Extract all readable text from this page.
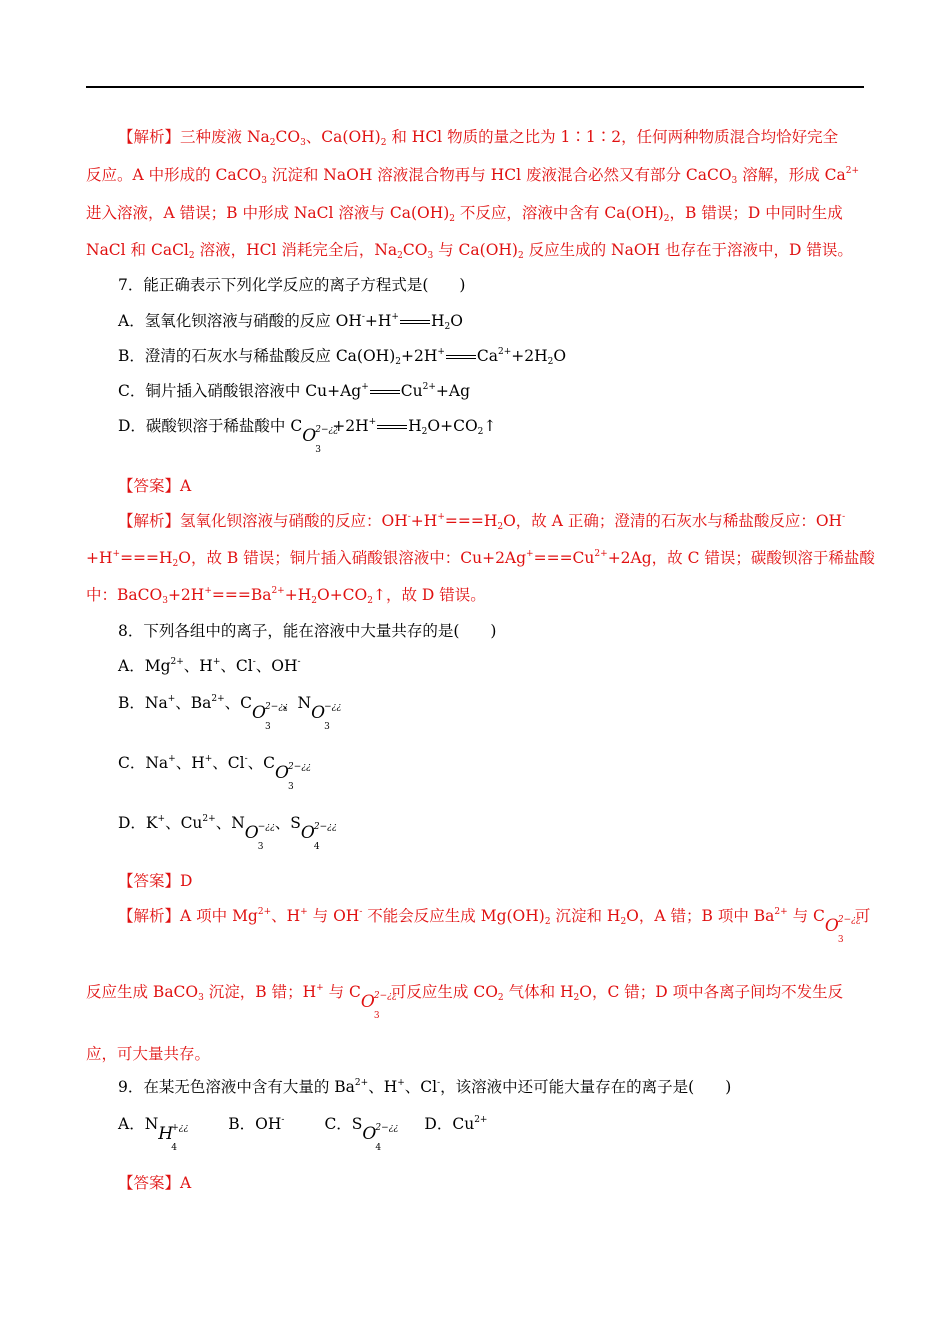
【解析】三种废液 $Na_2CO_3$、$Ca(OH)_2$ 和 HCl 物质的量之比为 1∶1∶2，任何两种物质混合均恰好完全
反应。A 中形成的 CaCO$_3$ 沉淀和 NaOH 溶液混合物再与 HCl 废液混合必然又有部分 CaCO$_3$ 溶解，形成 $Ca^{2+}$
进入溶液，A 错误；B 中形成 NaCl 溶液与 $Ca(OH)_2$ 不反应，溶液中含有 $Ca(OH)_2$，B 错误；D 中同时生成
NaCl 和 CaCl$_2$ 溶液，HCl 消耗完全后，$Na_2CO_3$ 与 $Ca(OH)_2$ 反应生成的 NaOH 也存在于溶液中，D 错误。
7．能正确表示下列化学反应的离子方程式是(　　)
A．氢氧化钡溶液与硝酸的反应 OH-+H+ $H_2O$
B．澄清的石灰水与稀盐酸反应 $Ca(OH)_2+2H^+$ $Ca^{2+}+2H_2O$
C．铜片插入硝酸银溶液中 Cu+Ag+ $Cu^{2+}+Ag$
D．碳酸钡溶于稀盐酸中 C O
3
2−¿¿
+2H+ $H_2O+CO_2↑$
【答案】A
【解析】氢氧化钡溶液与硝酸的反应：$OH^-+H^+===H_2O$，故 A 正确；澄清的石灰水与稀盐酸反应：OH-
$+H^+===H_2O$，故 B 错误；铜片插入硝酸银溶液中：$Cu+2Ag^+===Cu^{2+}+2Ag$，故 C 错误；碳酸钡溶于稀盐酸
中：$BaCO_3+2H^+===Ba^{2+}+H_2O+CO_2↑$，故 D 错误。
8．下列各组中的离子，能在溶液中大量共存的是(　　)
A．$Mg^{2+}$、H+、Cl-、OH-
B．Na+、$Ba^{2+}$、C O
3
2−¿¿
、N O
3
−¿¿
C．Na+、H+、Cl-、C O
3
2−¿¿
D．K+、$Cu^{2+}$、N O
3
−¿¿ 、S O
4
2−¿¿
【答案】D
【解析】A 项中 $Mg^{2+}$、H+ 与 OH- 不能会反应生成 $Mg(OH)_2$ 沉淀和 $H_2O$，A 错；B 项中 $Ba^{2+}$ 与 C O
3
2−¿¿
可
反应生成 BaCO$_3$ 沉淀，B 错；H+ 与 C O
3
2−¿¿
可反应生成 $CO_2$ 气体和 $H_2O$，C 错；D 项中各离子间均不发生反
应，可大量共存。
9．在某无色溶液中含有大量的 $Ba^{2+}$、H+、Cl-，该溶液中还可能大量存在的离子是(　　)
A．N H
4
+¿¿	B．OH-	C．S O
4
2−¿¿ D．$Cu^{2+}$
【答案】A
